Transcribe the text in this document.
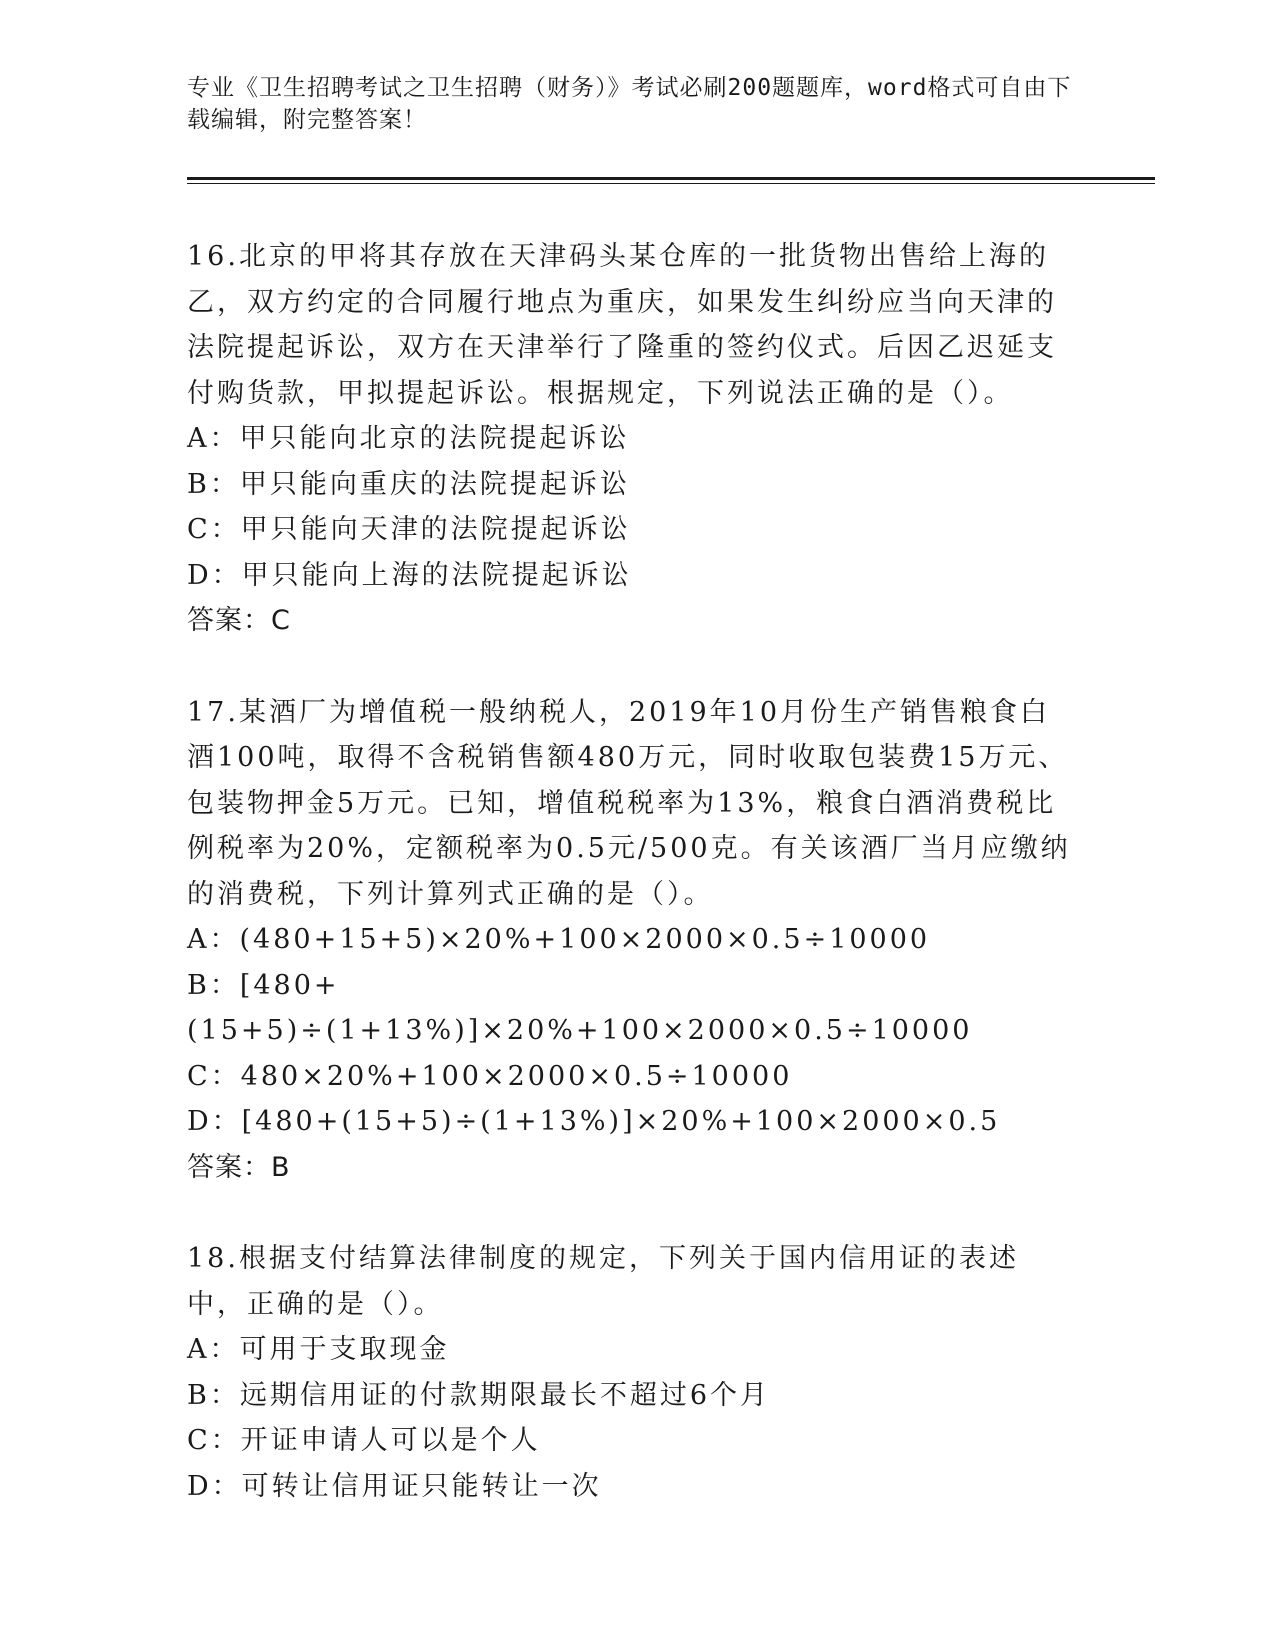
专业《卫生招聘考试之卫生招聘（财务）》考试必刷200题题库，word格式可自由下载编辑，附完整答案！
16.北京的甲将其存放在天津码头某仓库的一批货物出售给上海的乙，双方约定的合同履行地点为重庆，如果发生纠纷应当向天津的法院提起诉讼，双方在天津举行了隆重的签约仪式。后因乙迟延支付购货款，甲拟提起诉讼。根据规定，下列说法正确的是（）。
A：甲只能向北京的法院提起诉讼
B：甲只能向重庆的法院提起诉讼
C：甲只能向天津的法院提起诉讼
D：甲只能向上海的法院提起诉讼
答案：C
17.某酒厂为增值税一般纳税人，2019年10月份生产销售粮食白酒100吨，取得不含税销售额480万元，同时收取包装费15万元、包装物押金5万元。已知，增值税税率为13%，粮食白酒消费税比例税率为20%，定额税率为0.5元/500克。有关该酒厂当月应缴纳的消费税，下列计算列式正确的是（）。
A：(480+15+5)×20%+100×2000×0.5÷10000
B：[480+(15+5)÷(1+13%)]×20%+100×2000×0.5÷10000
C：480×20%+100×2000×0.5÷10000
D：[480+(15+5)÷(1+13%)]×20%+100×2000×0.5
答案：B
18.根据支付结算法律制度的规定，下列关于国内信用证的表述中，正确的是（）。
A：可用于支取现金
B：远期信用证的付款期限最长不超过6个月
C：开证申请人可以是个人
D：可转让信用证只能转让一次
